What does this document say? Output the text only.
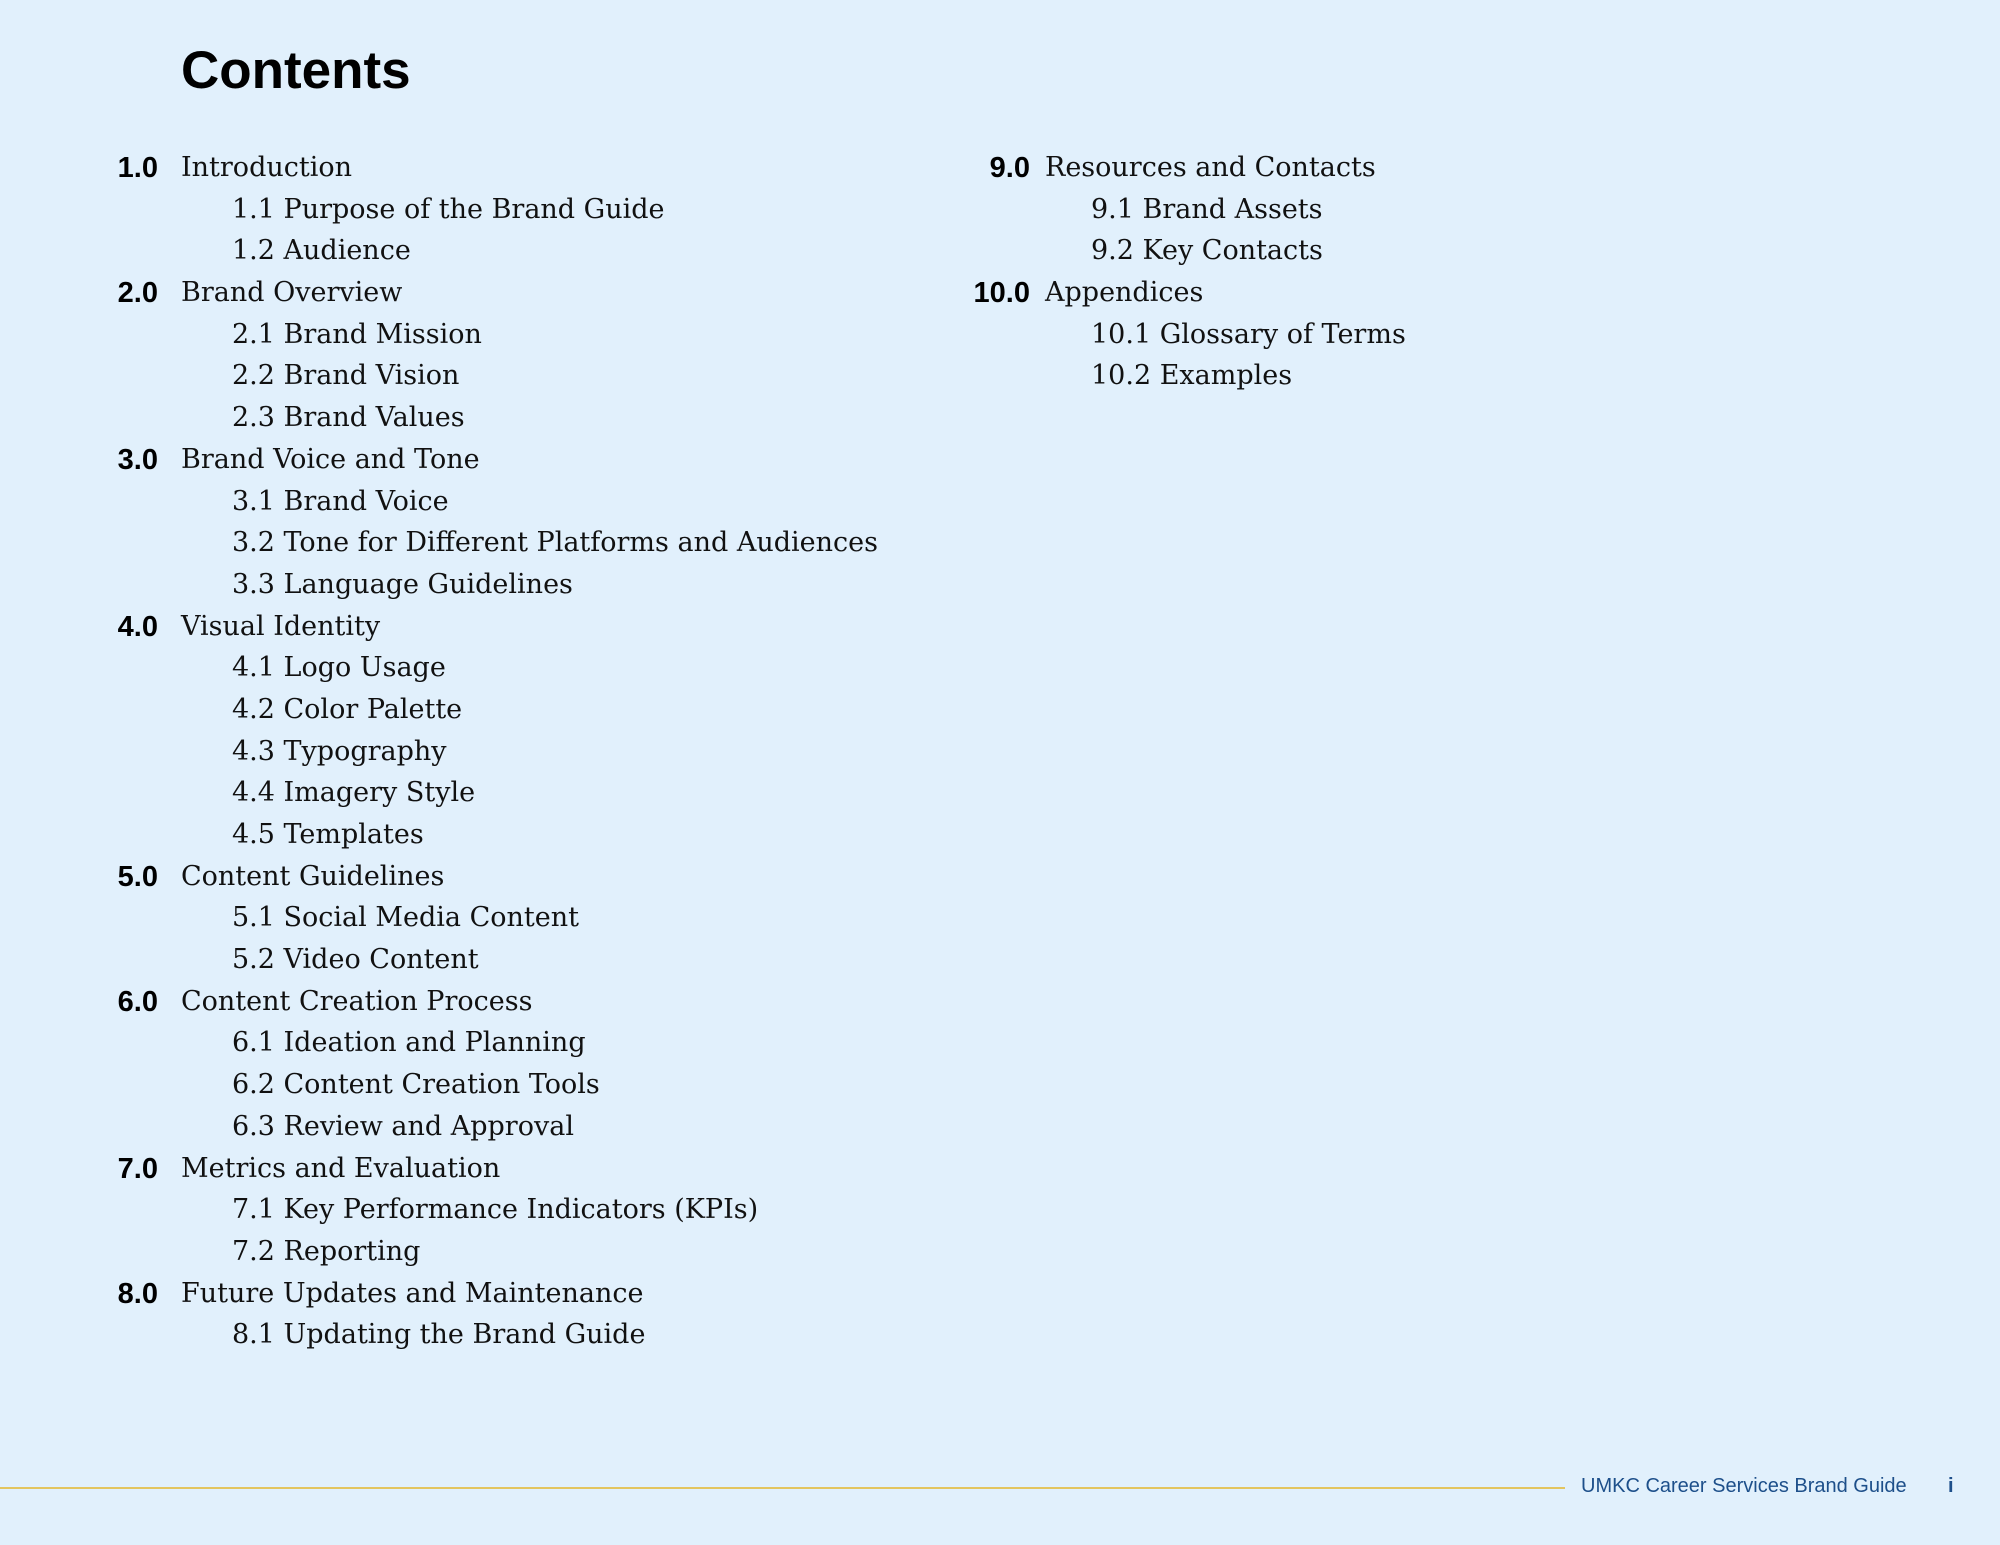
Contents
1.0 Introduction
1.1 Purpose of the Brand Guide
1.2 Audience
2.0 Brand Overview
2.1 Brand Mission
2.2 Brand Vision
2.3 Brand Values
3.0 Brand Voice and Tone
3.1 Brand Voice
3.2 Tone for Different Platforms and Audiences
3.3 Language Guidelines
4.0 Visual Identity
4.1 Logo Usage
4.2 Color Palette
4.3 Typography
4.4 Imagery Style
4.5 Templates
5.0 Content Guidelines
5.1 Social Media Content
5.2 Video Content
6.0 Content Creation Process
6.1 Ideation and Planning
6.2 Content Creation Tools
6.3 Review and Approval
7.0 Metrics and Evaluation
7.1 Key Performance Indicators (KPIs)
7.2 Reporting
8.0 Future Updates and Maintenance
8.1 Updating the Brand Guide
9.0 Resources and Contacts
9.1 Brand Assets
9.2 Key Contacts
10.0 Appendices
10.1 Glossary of Terms
10.2 Examples
UMKC Career Services Brand Guide i
